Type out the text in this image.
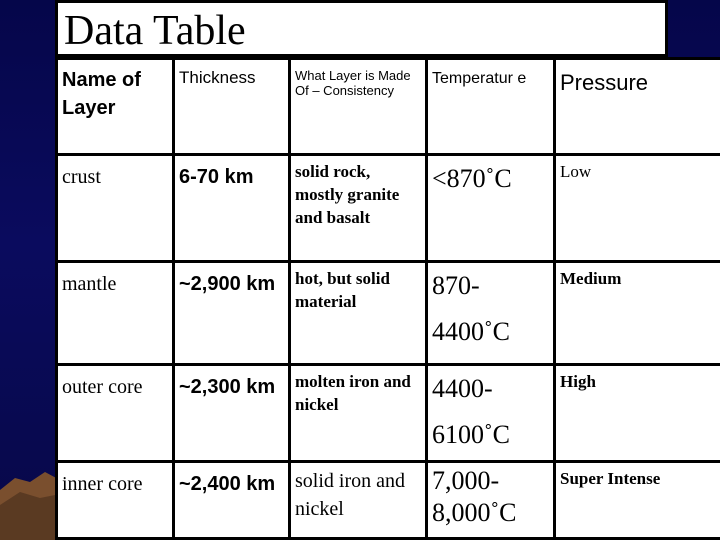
Data Table
Name of Layer	Thickness	What Layer is Made Of – Consistency	Temperatur e	Pressure
crust	6-70 km	solid rock, mostly granite and basalt	<870˚C	Low
mantle	~2,900 km	hot, but solid material	870-4400˚C	Medium
outer core	~2,300 km	molten iron and nickel	4400-6100˚C	High
inner core	~2,400 km	solid iron and nickel	7,000-8,000˚C	Super Intense
